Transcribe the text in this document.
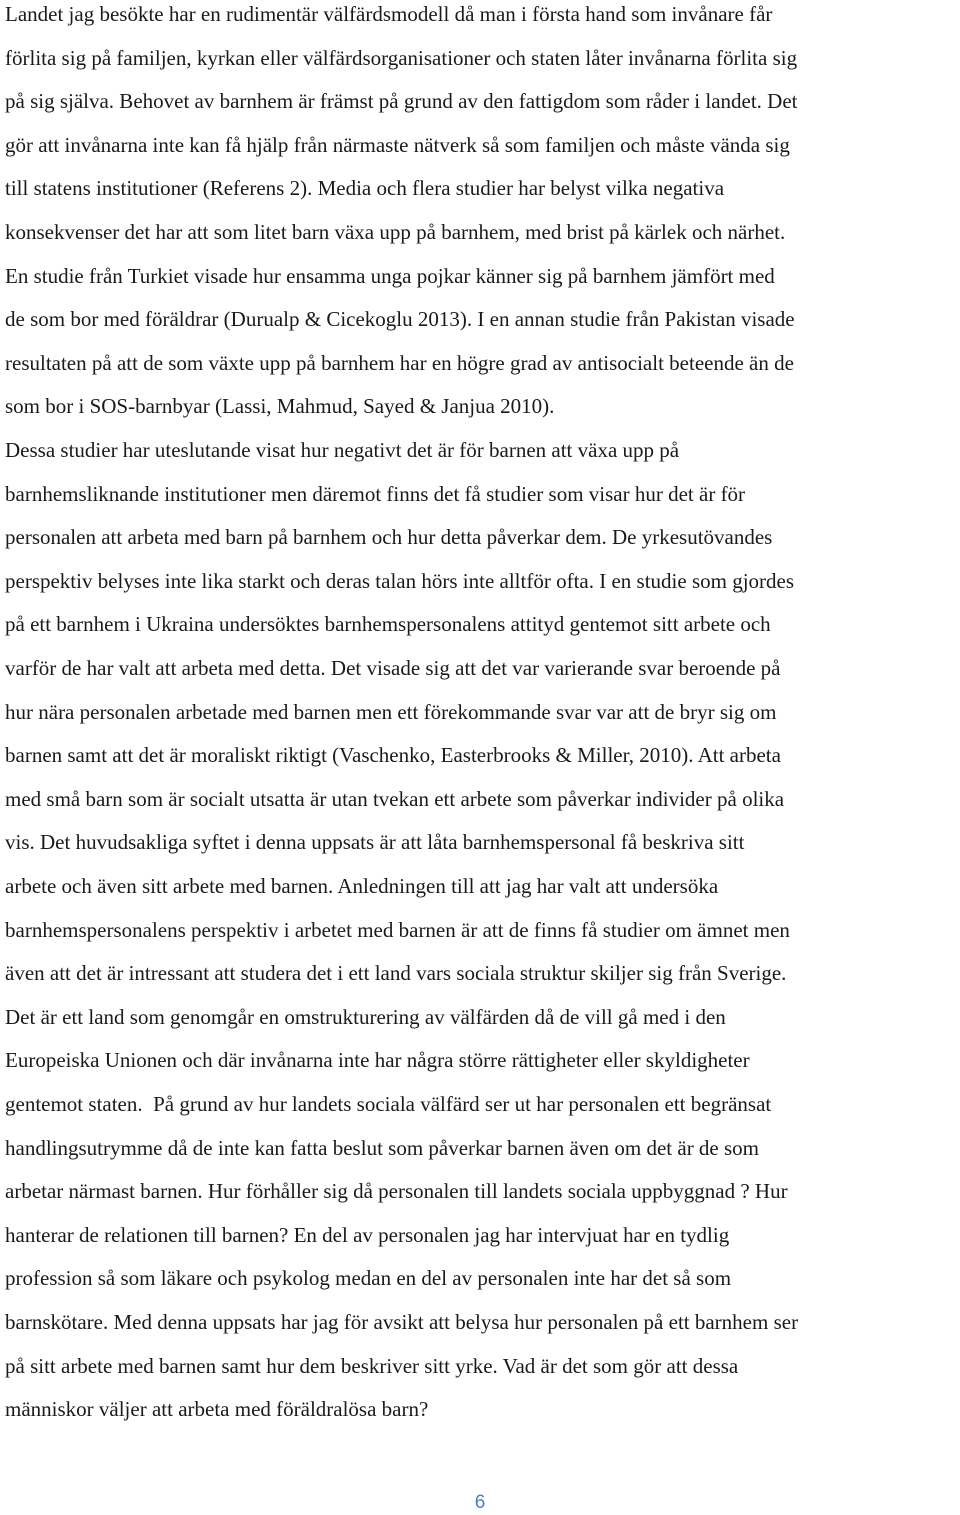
Landet jag besökte har en rudimentär välfärdsmodell då man i första hand som invånare får
förlita sig på familjen, kyrkan eller välfärdsorganisationer och staten låter invånarna förlita sig
på sig själva. Behovet av barnhem är främst på grund av den fattigdom som råder i landet. Det
gör att invånarna inte kan få hjälp från närmaste nätverk så som familjen och måste vända sig
till statens institutioner (Referens 2). Media och flera studier har belyst vilka negativa
konsekvenser det har att som litet barn växa upp på barnhem, med brist på kärlek och närhet.
En studie från Turkiet visade hur ensamma unga pojkar känner sig på barnhem jämfört med
de som bor med föräldrar (Durualp & Cicekoglu 2013). I en annan studie från Pakistan visade
resultaten på att de som växte upp på barnhem har en högre grad av antisocialt beteende än de
som bor i SOS-barnbyar (Lassi, Mahmud, Sayed & Janjua 2010).
Dessa studier har uteslutande visat hur negativt det är för barnen att växa upp på
barnhemsliknande institutioner men däremot finns det få studier som visar hur det är för
personalen att arbeta med barn på barnhem och hur detta påverkar dem. De yrkesutövandes
perspektiv belyses inte lika starkt och deras talan hörs inte alltför ofta. I en studie som gjordes
på ett barnhem i Ukraina undersöktes barnhemspersonalens attityd gentemot sitt arbete och
varför de har valt att arbeta med detta. Det visade sig att det var varierande svar beroende på
hur nära personalen arbetade med barnen men ett förekommande svar var att de bryr sig om
barnen samt att det är moraliskt riktigt (Vaschenko, Easterbrooks & Miller, 2010). Att arbeta
med små barn som är socialt utsatta är utan tvekan ett arbete som påverkar individer på olika
vis. Det huvudsakliga syftet i denna uppsats är att låta barnhemspersonal få beskriva sitt
arbete och även sitt arbete med barnen. Anledningen till att jag har valt att undersöka
barnhemspersonalens perspektiv i arbetet med barnen är att de finns få studier om ämnet men
även att det är intressant att studera det i ett land vars sociala struktur skiljer sig från Sverige.
Det är ett land som genomgår en omstrukturering av välfärden då de vill gå med i den
Europeiska Unionen och där invånarna inte har några större rättigheter eller skyldigheter
gentemot staten.  På grund av hur landets sociala välfärd ser ut har personalen ett begränsat
handlingsutrymme då de inte kan fatta beslut som påverkar barnen även om det är de som
arbetar närmast barnen. Hur förhåller sig då personalen till landets sociala uppbyggnad ? Hur
hanterar de relationen till barnen? En del av personalen jag har intervjuat har en tydlig
profession så som läkare och psykolog medan en del av personalen inte har det så som
barnskötare. Med denna uppsats har jag för avsikt att belysa hur personalen på ett barnhem ser
på sitt arbete med barnen samt hur dem beskriver sitt yrke. Vad är det som gör att dessa
människor väljer att arbeta med föräldralösa barn?
6
